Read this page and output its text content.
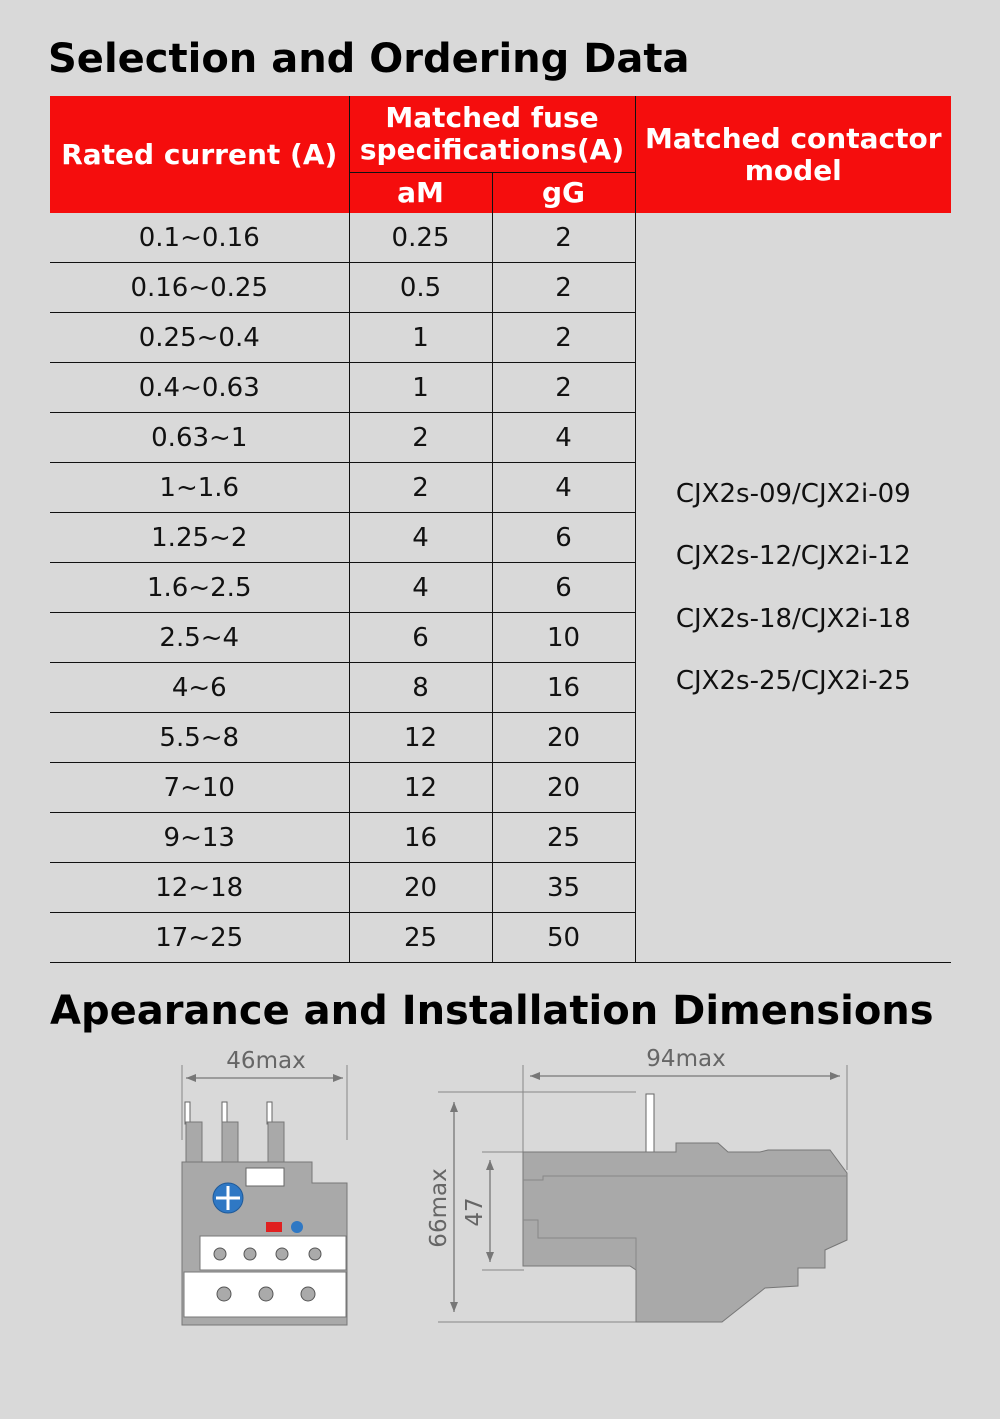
Selection and Ordering Data
Rated current (A)	Matched fuse specifications(A)		Matched contactor model
	aM	gG	
0.1~0.16	0.25	2	CJX2s-09/CJX2i-09
CJX2s-12/CJX2i-12
CJX2s-18/CJX2i-18
CJX2s-25/CJX2i-25

0.16~0.25	0.5	2	
0.25~0.4	1	2	
0.4~0.63	1	2	
0.63~1	2	4	
1~1.6	2	4	
1.25~2	4	6	
1.6~2.5	4	6	
2.5~4	6	10	
4~6	8	16	
5.5~8	12	20	
7~10	12	20	
9~13	16	25	
12~18	20	35	
17~25	25	50	
Apearance and Installation Dimensions
46max	94max
66max 47
